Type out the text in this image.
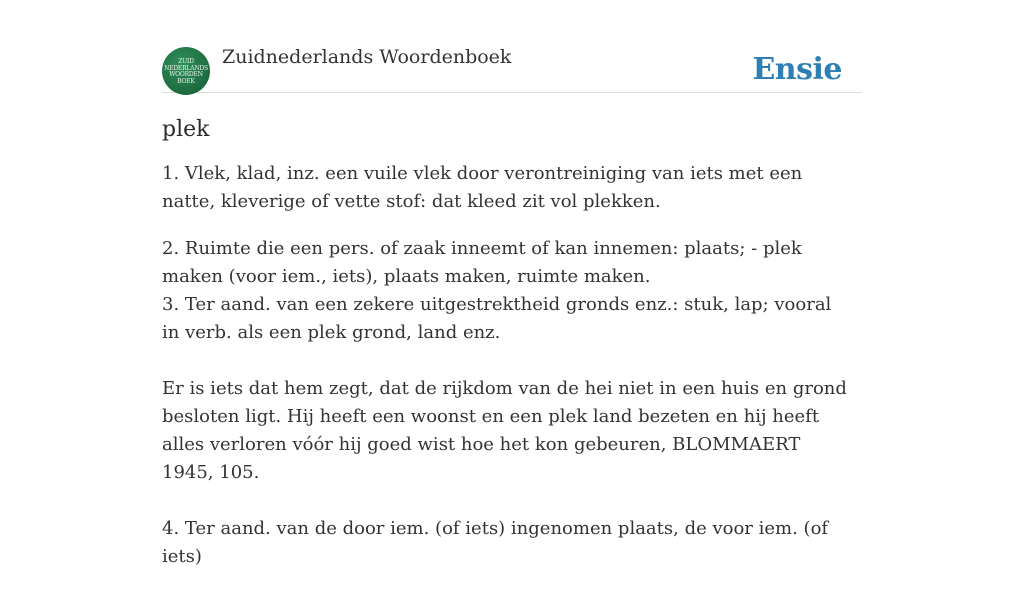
ZUID
NEDERLANDS
WOORDEN
BOEK
Zuidnederlands Woordenboek	Ensie
plek

1. Vlek, klad, inz. een vuile vlek door verontreiniging van iets met een natte, kleverige of vette stof: dat kleed zit vol plekken.

2. Ruimte die een pers. of zaak inneemt of kan innemen: plaats; - plek maken (voor iem., iets), plaats maken, ruimte maken.

3. Ter aand. van een zekere uitgestrektheid gronds enz.: stuk, lap; vooral in verb. als een plek grond, land enz.

Er is iets dat hem zegt, dat de rijkdom van de hei niet in een huis en grond besloten ligt. Hij heeft een woonst en een plek land bezeten en hij heeft alles verloren vóór hij goed wist hoe het kon gebeuren, BLOMMAERT 1945, 105.

4. Ter aand. van de door iem. (of iets) ingenomen plaats, de voor iem. (of iets)
